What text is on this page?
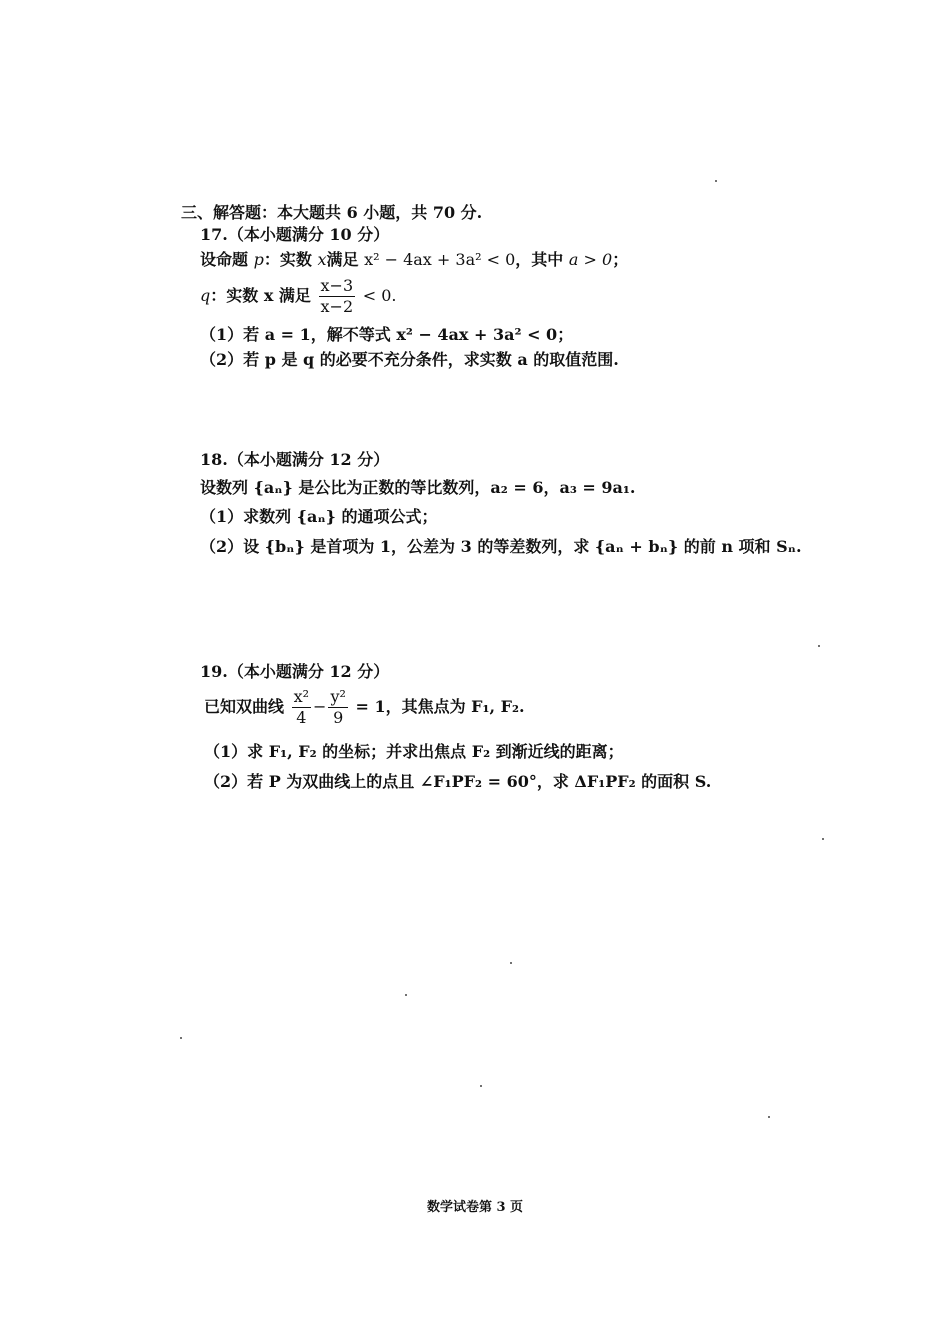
三、解答题：本大题共 6 小题，共 70 分.
17.（本小题满分 10 分）
设命题 p：实数 x满足 x² − 4ax + 3a² < 0，其中 a > 0；
q：实数 x 满足 $\frac{x-3}{x-2} < 0$.
（1）若 a = 1，解不等式 x² − 4ax + 3a² < 0；
（2）若 p 是 q 的必要不充分条件，求实数 a 的取值范围.
18.（本小题满分 12 分）
设数列 {aₙ} 是公比为正数的等比数列，a₂ = 6，a₃ = 9a₁.
（1）求数列 {aₙ} 的通项公式；
（2）设 {bₙ} 是首项为 1，公差为 3 的等差数列，求 {aₙ + bₙ} 的前 n 项和 Sₙ.
19.（本小题满分 12 分）
已知双曲线 $\frac{\text{x²}}{4} - \frac{\text{y²}}{9} = 1$，其焦点为 F₁, F₂.
（1）求 F₁, F₂ 的坐标；并求出焦点 F₂ 到渐近线的距离；
（2）若 P 为双曲线上的点且 ∠F₁PF₂ = 60°，求 ΔF₁PF₂ 的面积 S.
数学试卷第 3 页
